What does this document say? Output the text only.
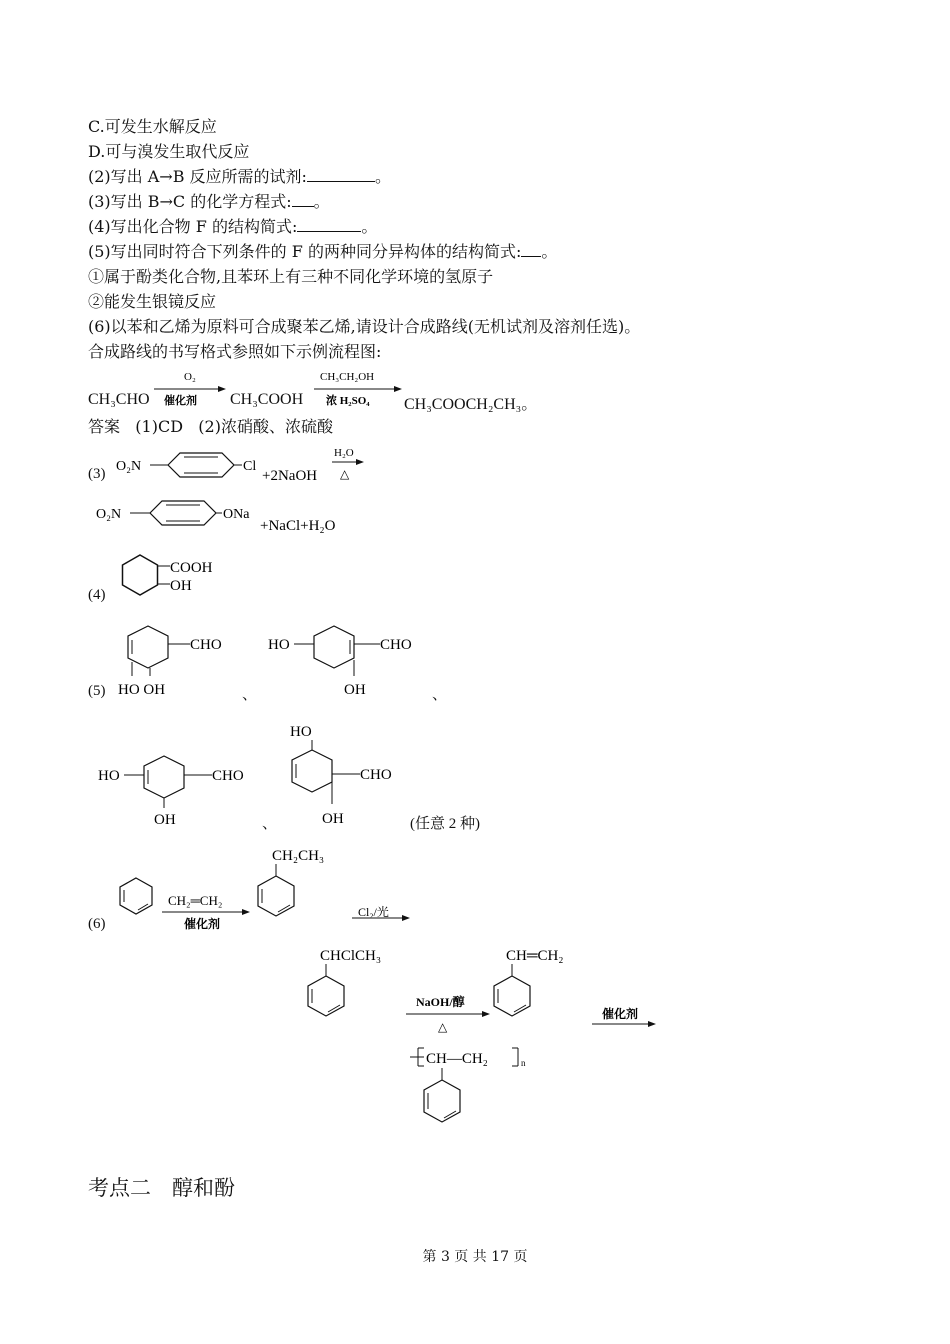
C.可发生水解反应
D.可与溴发生取代反应
(2)写出 A→B 反应所需的试剂:	。
(3)写出 B→C 的化学方程式: 。
(4)写出化合物 F 的结构简式:	。
(5)写出同时符合下列条件的 F 的两种同分异构体的结构简式: 。
①属于酚类化合物,且苯环上有三种不同化学环境的氢原子
②能发生银镜反应
(6)以苯和乙烯为原料可合成聚苯乙烯,请设计合成路线(无机试剂及溶剂任选)。
合成路线的书写格式参照如下示例流程图:
CH₃CHO
O₂
催化剂 CH₃COOH
CH₃CH₂OH
浓 H₂SO₄ CH₃COOCH₂CH₃。
答案 (1)CD (2)浓硝酸、浓硫酸
(3) O₂N	Cl
+2NaOH
H₂O
△
O₂N	ONa
+NaCl+H₂O
(4)
COOH
OH
(5)
CHO
HO OH	、
HO	CHO
OH	、
HO	CHO
OH	、
HO
CHO
OH	(任意 2 种)
(6)
CH₂═CH₂
催化剂
CH₂CH₃
Cl₂/光
CHClCH₃
NaOH/醇
△
CH═CH₂
催化剂
CH—CH₂	n
考点二　醇和酚
第 3 页 共 17 页
